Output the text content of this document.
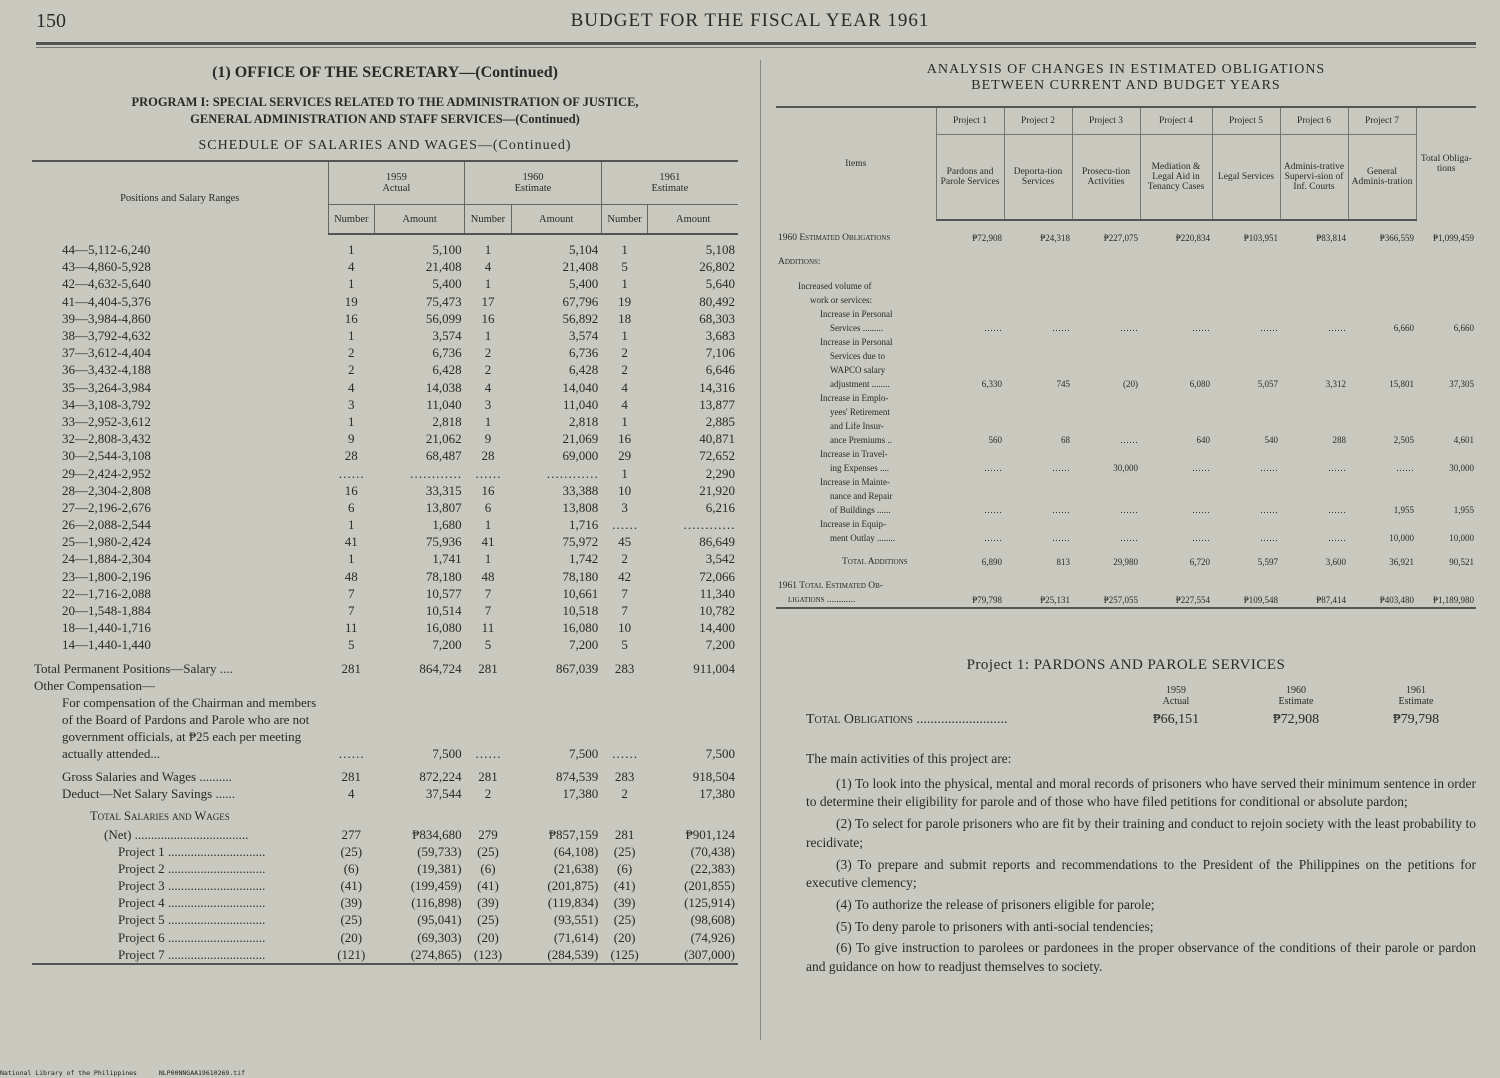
150	BUDGET FOR THE FISCAL YEAR 1961
(1) OFFICE OF THE SECRETARY—(Continued)
PROGRAM I: SPECIAL SERVICES RELATED TO THE ADMINISTRATION OF JUSTICE,
GENERAL ADMINISTRATION AND STAFF SERVICES—(Continued)
SCHEDULE OF SALARIES AND WAGES—(Continued)
Positions and Salary Ranges	1959
Actual		1960
Estimate		1961
Estimate	
	Number	Amount	Number	Amount	Number	Amount

44—5,112-6,240	1	5,100	1	5,104	1	5,108
43—4,860-5,928	4	21,408	4	21,408	5	26,802
42—4,632-5,640	1	5,400	1	5,400	1	5,640
41—4,404-5,376	19	75,473	17	67,796	19	80,492
39—3,984-4,860	16	56,099	16	56,892	18	68,303
38—3,792-4,632	1	3,574	1	3,574	1	3,683
37—3,612-4,404	2	6,736	2	6,736	2	7,106
36—3,432-4,188	2	6,428	2	6,428	2	6,646
35—3,264-3,984	4	14,038	4	14,040	4	14,316
34—3,108-3,792	3	11,040	3	11,040	4	13,877
33—2,952-3,612	1	2,818	1	2,818	1	2,885
32—2,808-3,432	9	21,062	9	21,069	16	40,871
30—2,544-3,108	28	68,487	28	69,000	29	72,652
29—2,424-2,952	……	…………	……	…………	1	2,290
28—2,304-2,808	16	33,315	16	33,388	10	21,920
27—2,196-2,676	6	13,807	6	13,808	3	6,216
26—2,088-2,544	1	1,680	1	1,716	……	…………
25—1,980-2,424	41	75,936	41	75,972	45	86,649
24—1,884-2,304	1	1,741	1	1,742	2	3,542
23—1,800-2,196	48	78,180	48	78,180	42	72,066
22—1,716-2,088	7	10,577	7	10,661	7	11,340
20—1,548-1,884	7	10,514	7	10,518	7	10,782
18—1,440-1,716	11	16,080	11	16,080	10	14,400
14—1,440-1,440	5	7,200	5	7,200	5	7,200

Total Permanent Positions—Salary ....	281	864,724	281	867,039	283	911,004
Other Compensation—						
For compensation of the Chairman and members of the Board of Pardons and Parole who are not government officials, at ₱25 each per meeting actually attended...	……	7,500	……	7,500	……	7,500

Gross Salaries and Wages ..........	281	872,224	281	874,539	283	918,504
Deduct—Net Salary Savings ......	4	37,544	2	17,380	2	17,380

Total Salaries and Wages						
(Net) ...................................	277	₱834,680	279	₱857,159	281	₱901,124
Project 1 ..............................	(25)	(59,733)	(25)	(64,108)	(25)	(70,438)
Project 2 ..............................	(6)	(19,381)	(6)	(21,638)	(6)	(22,383)
Project 3 ..............................	(41)	(199,459)	(41)	(201,875)	(41)	(201,855)
Project 4 ..............................	(39)	(116,898)	(39)	(119,834)	(39)	(125,914)
Project 5 ..............................	(25)	(95,041)	(25)	(93,551)	(25)	(98,608)
Project 6 ..............................	(20)	(69,303)	(20)	(71,614)	(20)	(74,926)
Project 7 ..............................	(121)	(274,865)	(123)	(284,539)	(125)	(307,000)
ANALYSIS OF CHANGES IN ESTIMATED OBLIGATIONS
BETWEEN CURRENT AND BUDGET YEARS
Items	Project 1	Project 2	Project 3	Project 4	Project 5	Project 6	Project 7	Total Obliga-tions
	Pardons and Parole Services	Deporta-tion Services	Prosecu-tion Activities	Mediation & Legal Aid in Tenancy Cases	Legal Services	Adminis-trative Supervi-sion of Inf. Courts	General Adminis-tration	

1960 Estimated Obligations	₱72,908	₱24,318	₱227,075	₱220,834	₱103,951	₱83,814	₱366,559	₱1,099,459

Additions:								

Increased volume of								
work or services:								
Increase in Personal								
Services .........	……	……	……	……	……	……	6,660	6,660
Increase in Personal								
Services due to								
WAPCO salary								
adjustment ........	6,330	745	(20)	6,080	5,057	3,312	15,801	37,305
Increase in Emplo-								
yees' Retirement								
and Life Insur-								
ance Premiums ..	560	68	……	640	540	288	2,505	4,601
Increase in Travel-								
ing Expenses ....	……	……	30,000	……	……	……	……	30,000
Increase in Mainte-								
nance and Repair								
of Buildings ......	……	……	……	……	……	……	1,955	1,955
Increase in Equip-								
ment Outlay ........	……	……	……	……	……	……	10,000	10,000

Total Additions	6,890	813	29,980	6,720	5,597	3,600	36,921	90,521

1961 Total Estimated Ob-								
ligations ............	₱79,798	₱25,131	₱257,055	₱227,554	₱109,548	₱87,414	₱403,480	₱1,189,980
Project 1: PARDONS AND PAROLE SERVICES
	1959
Actual	1960
Estimate	1961
Estimate
Total Obligations ..........................	₱66,151	₱72,908	₱79,798

The main activities of this project are:

(1) To look into the physical, mental and moral records of prisoners who have served their minimum sentence in order to determine their eligibility for parole and of those who have filed petitions for conditional or absolute pardon;

(2) To select for parole prisoners who are fit by their training and conduct to rejoin society with the least probability to recidivate;

(3) To prepare and submit reports and recommendations to the President of the Philippines on the petitions for executive clemency;

(4) To authorize the release of prisoners eligible for parole;

(5) To deny parole to prisoners with anti-social tendencies;

(6) To give instruction to parolees or pardonees in the proper observance of the conditions of their parole or pardon and guidance on how to readjust themselves to society.

National Library of the Philippines	NLP00NNGAA19610269.tif
